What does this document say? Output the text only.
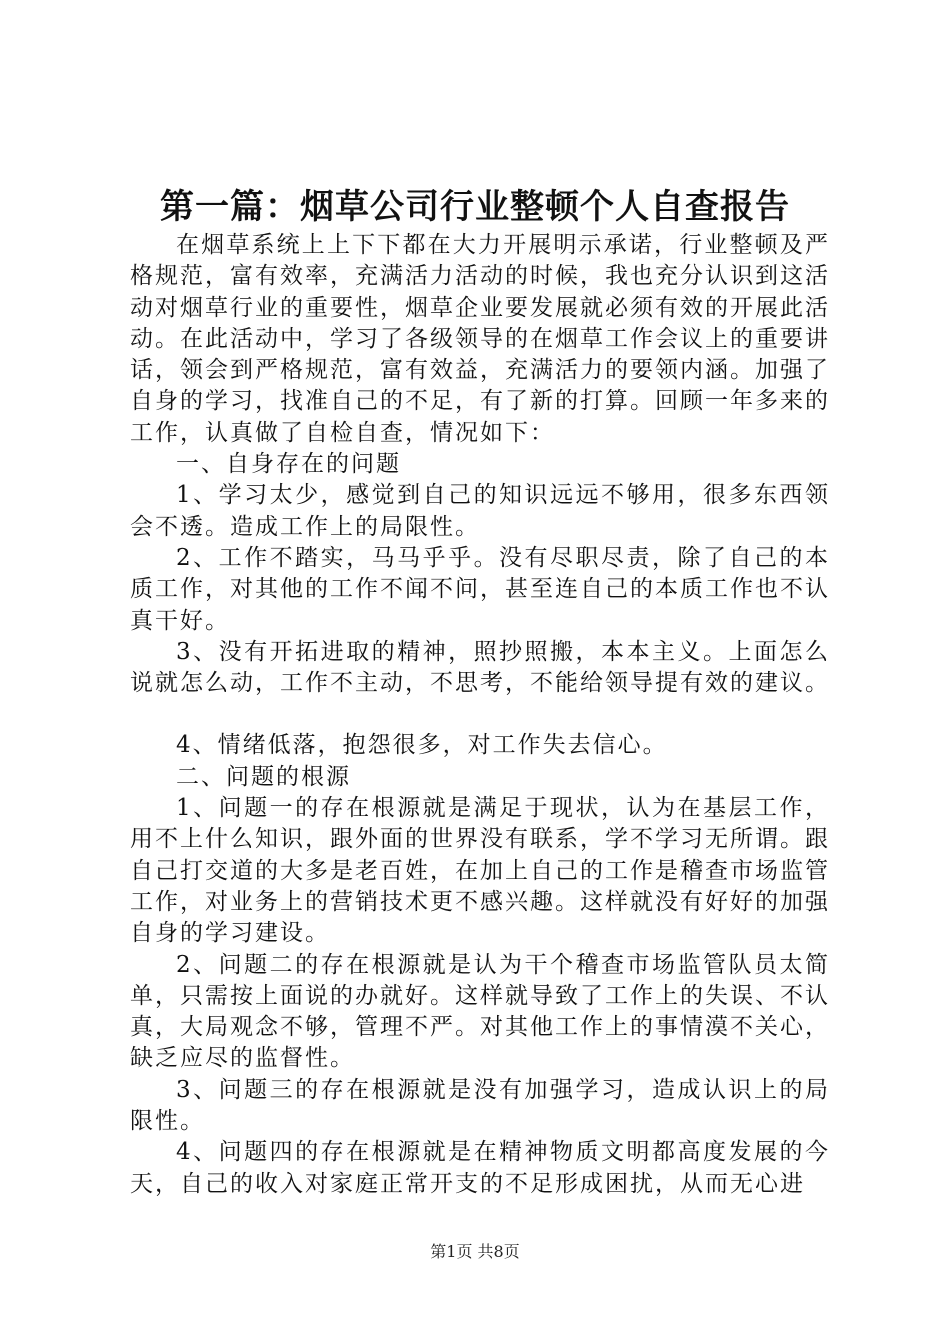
第一篇：烟草公司行业整顿个人自查报告

在烟草系统上上下下都在大力开展明示承诺，行业整顿及严格规范，富有效率，充满活力活动的时候，我也充分认识到这活动对烟草行业的重要性，烟草企业要发展就必须有效的开展此活动。在此活动中，学习了各级领导的在烟草工作会议上的重要讲话，领会到严格规范，富有效益，充满活力的要领内涵。加强了自身的学习，找准自己的不足，有了新的打算。回顾一年多来的工作，认真做了自检自查，情况如下：

一、自身存在的问题

1、学习太少，感觉到自己的知识远远不够用，很多东西领会不透。造成工作上的局限性。

2、工作不踏实，马马乎乎。没有尽职尽责，除了自己的本质工作，对其他的工作不闻不问，甚至连自己的本质工作也不认真干好。

3、没有开拓进取的精神，照抄照搬，本本主义。上面怎么说就怎么动，工作不主动，不思考，不能给领导提有效的建议。

4、情绪低落，抱怨很多，对工作失去信心。

二、问题的根源

1、问题一的存在根源就是满足于现状，认为在基层工作，用不上什么知识，跟外面的世界没有联系，学不学习无所谓。跟自己打交道的大多是老百姓，在加上自己的工作是稽查市场监管工作，对业务上的营销技术更不感兴趣。这样就没有好好的加强自身的学习建设。

2、问题二的存在根源就是认为干个稽查市场监管队员太简单，只需按上面说的办就好。这样就导致了工作上的失误、不认真，大局观念不够，管理不严。对其他工作上的事情漠不关心，缺乏应尽的监督性。

3、问题三的存在根源就是没有加强学习，造成认识上的局限性。

4、问题四的存在根源就是在精神物质文明都高度发展的今天，自己的收入对家庭正常开支的不足形成困扰，从而无心进

第1页 共8页
